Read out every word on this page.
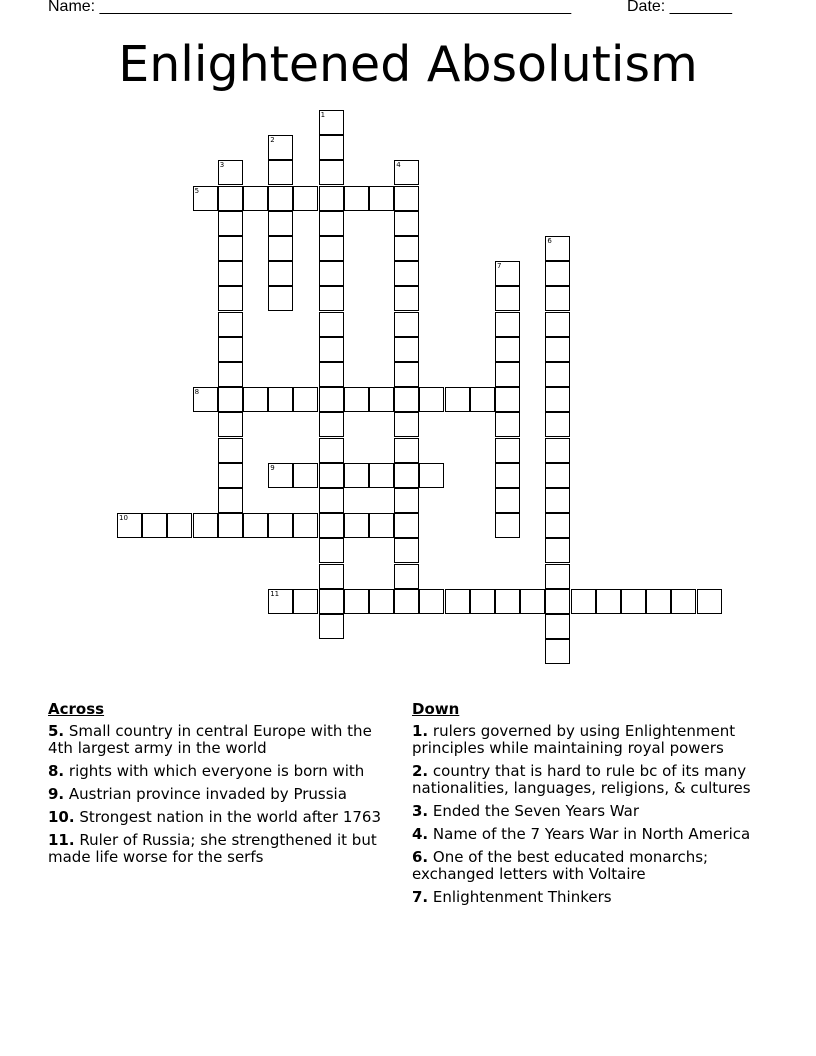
Name: _____________________________________________________	Date: _______
Enlightened Absolutism
1
2
3	4
5
6
7
8
9
10
11
Across
5. Small country in central Europe with the 4th largest army in the world
8. rights with which everyone is born with
9. Austrian province invaded by Prussia
10. Strongest nation in the world after 1763
11. Ruler of Russia; she strengthened it but made life worse for the serfs
Down
1. rulers governed by using Enlightenment principles while maintaining royal powers
2. country that is hard to rule bc of its many nationalities, languages, religions, & cultures
3. Ended the Seven Years War
4. Name of the 7 Years War in North America
6. One of the best educated monarchs; exchanged letters with Voltaire
7. Enlightenment Thinkers
